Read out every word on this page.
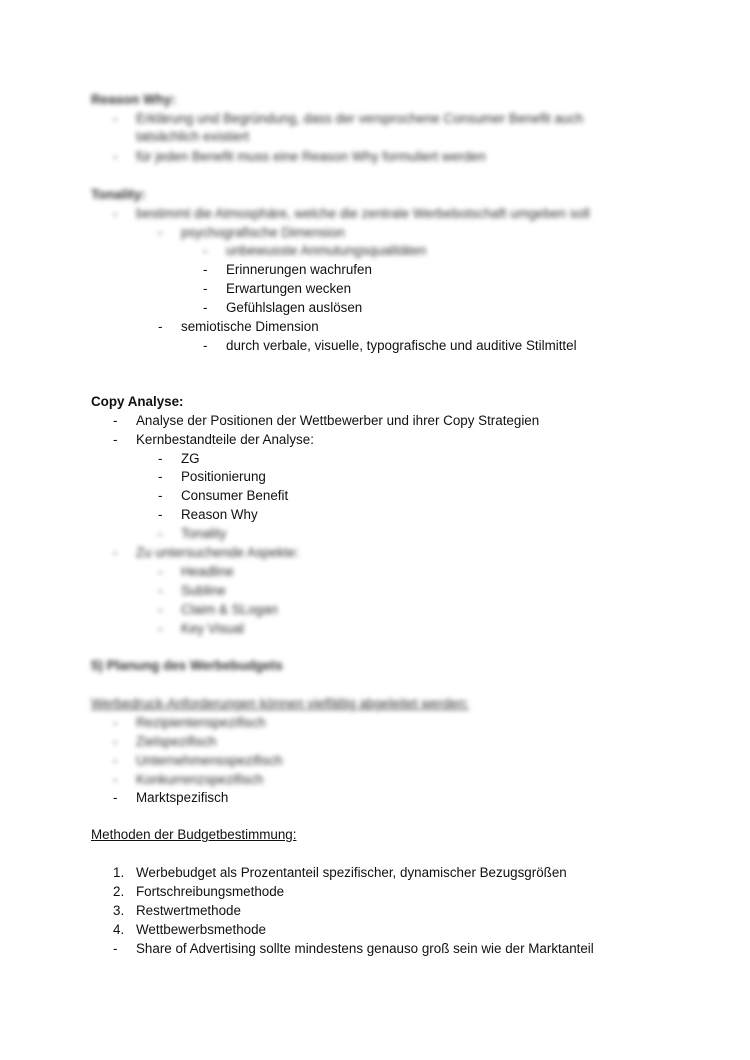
Reason Why:
- Erklärung und Begründung, dass der versprochene Consumer Benefit auch
tatsächlich existiert
- für jeden Benefit muss eine Reason Why formuliert werden
Tonality:
- bestimmt die Atmosphäre, welche die zentrale Werbebotschaft umgeben soll
- psychografische Dimension
- unbewusste Anmutungsqualitäten
- Erinnerungen wachrufen
- Erwartungen wecken
- Gefühlslagen auslösen
- semiotische Dimension
- durch verbale, visuelle, typografische und auditive Stilmittel
Copy Analyse:
- Analyse der Positionen der Wettbewerber und ihrer Copy Strategien
- Kernbestandteile der Analyse:
- ZG
- Positionierung
- Consumer Benefit
- Reason Why
- Tonality
- Zu untersuchende Aspekte:
- Headline
- Subline
- Claim & SLogan
- Key Visual
5) Planung des Werbebudgets
Werbedruck-Anforderungen können vielfältig abgeleitet werden:
- Rezipientenspezifisch
- Zielspezifisch
- Unternehmensspezifisch
- Konkurrenzspezifisch
- Marktspezifisch
Methoden der Budgetbestimmung:
1. Werbebudget als Prozentanteil spezifischer, dynamischer Bezugsgrößen
2. Fortschreibungsmethode
3. Restwertmethode
4. Wettbewerbsmethode
- Share of Advertising sollte mindestens genauso groß sein wie der Marktanteil
